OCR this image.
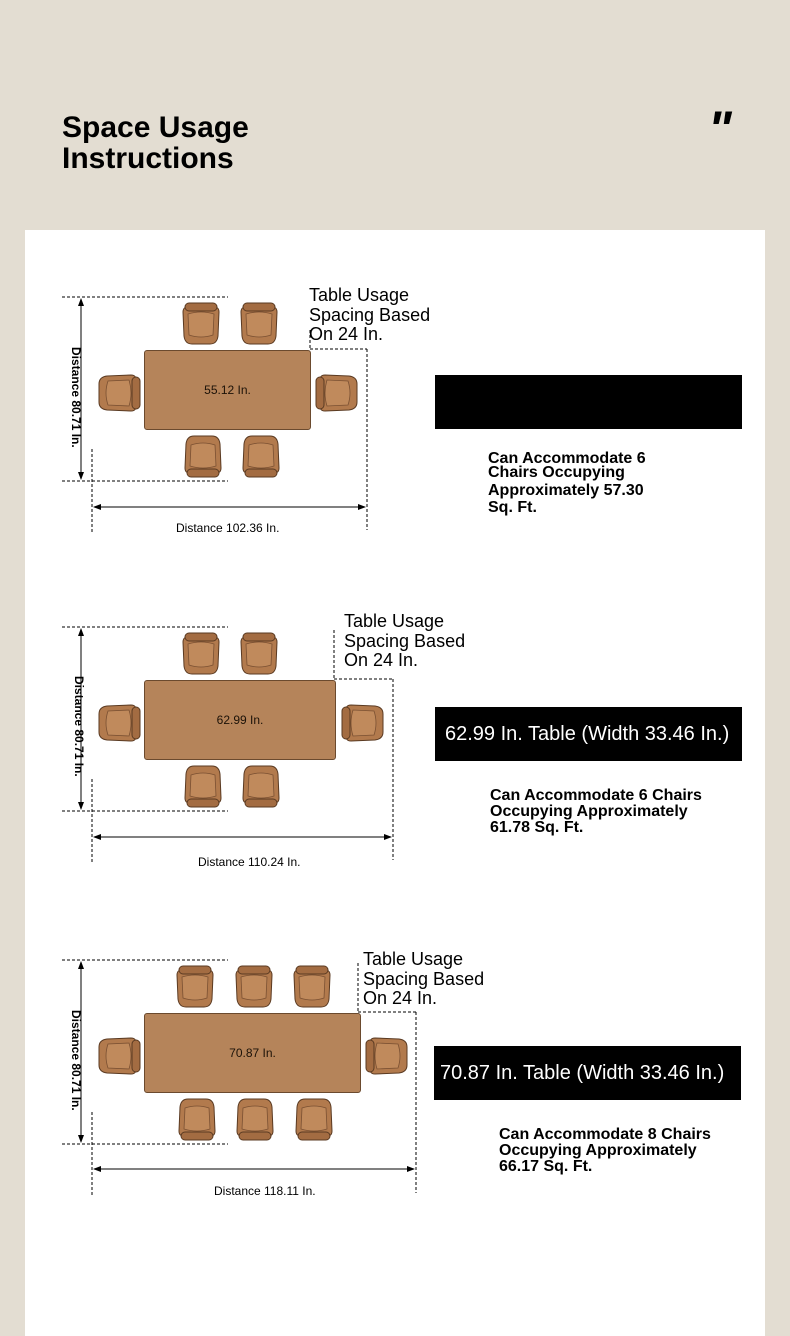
Space Usage
Instructions
"
55.12 In.
Table Usage
Spacing Based
On 24 In.
Distance 102.36 In.
Distance 80.71 In.
Can Accommodate 6
Chairs Occupying
Approximately 57.30
Sq. Ft.
62.99 In.
Table Usage
Spacing Based
On 24 In.
Distance 110.24 In.
Distance 80.71 In.	62.99 In. Table (Width 33.46 In.)
Can Accommodate 6 Chairs
Occupying Approximately
61.78 Sq. Ft.
70.87 In.
Table Usage
Spacing Based
On 24 In.
Distance 118.11 In.
Distance 80.71 In.	70.87 In. Table (Width 33.46 In.)
Can Accommodate 8 Chairs
Occupying Approximately
66.17 Sq. Ft.
